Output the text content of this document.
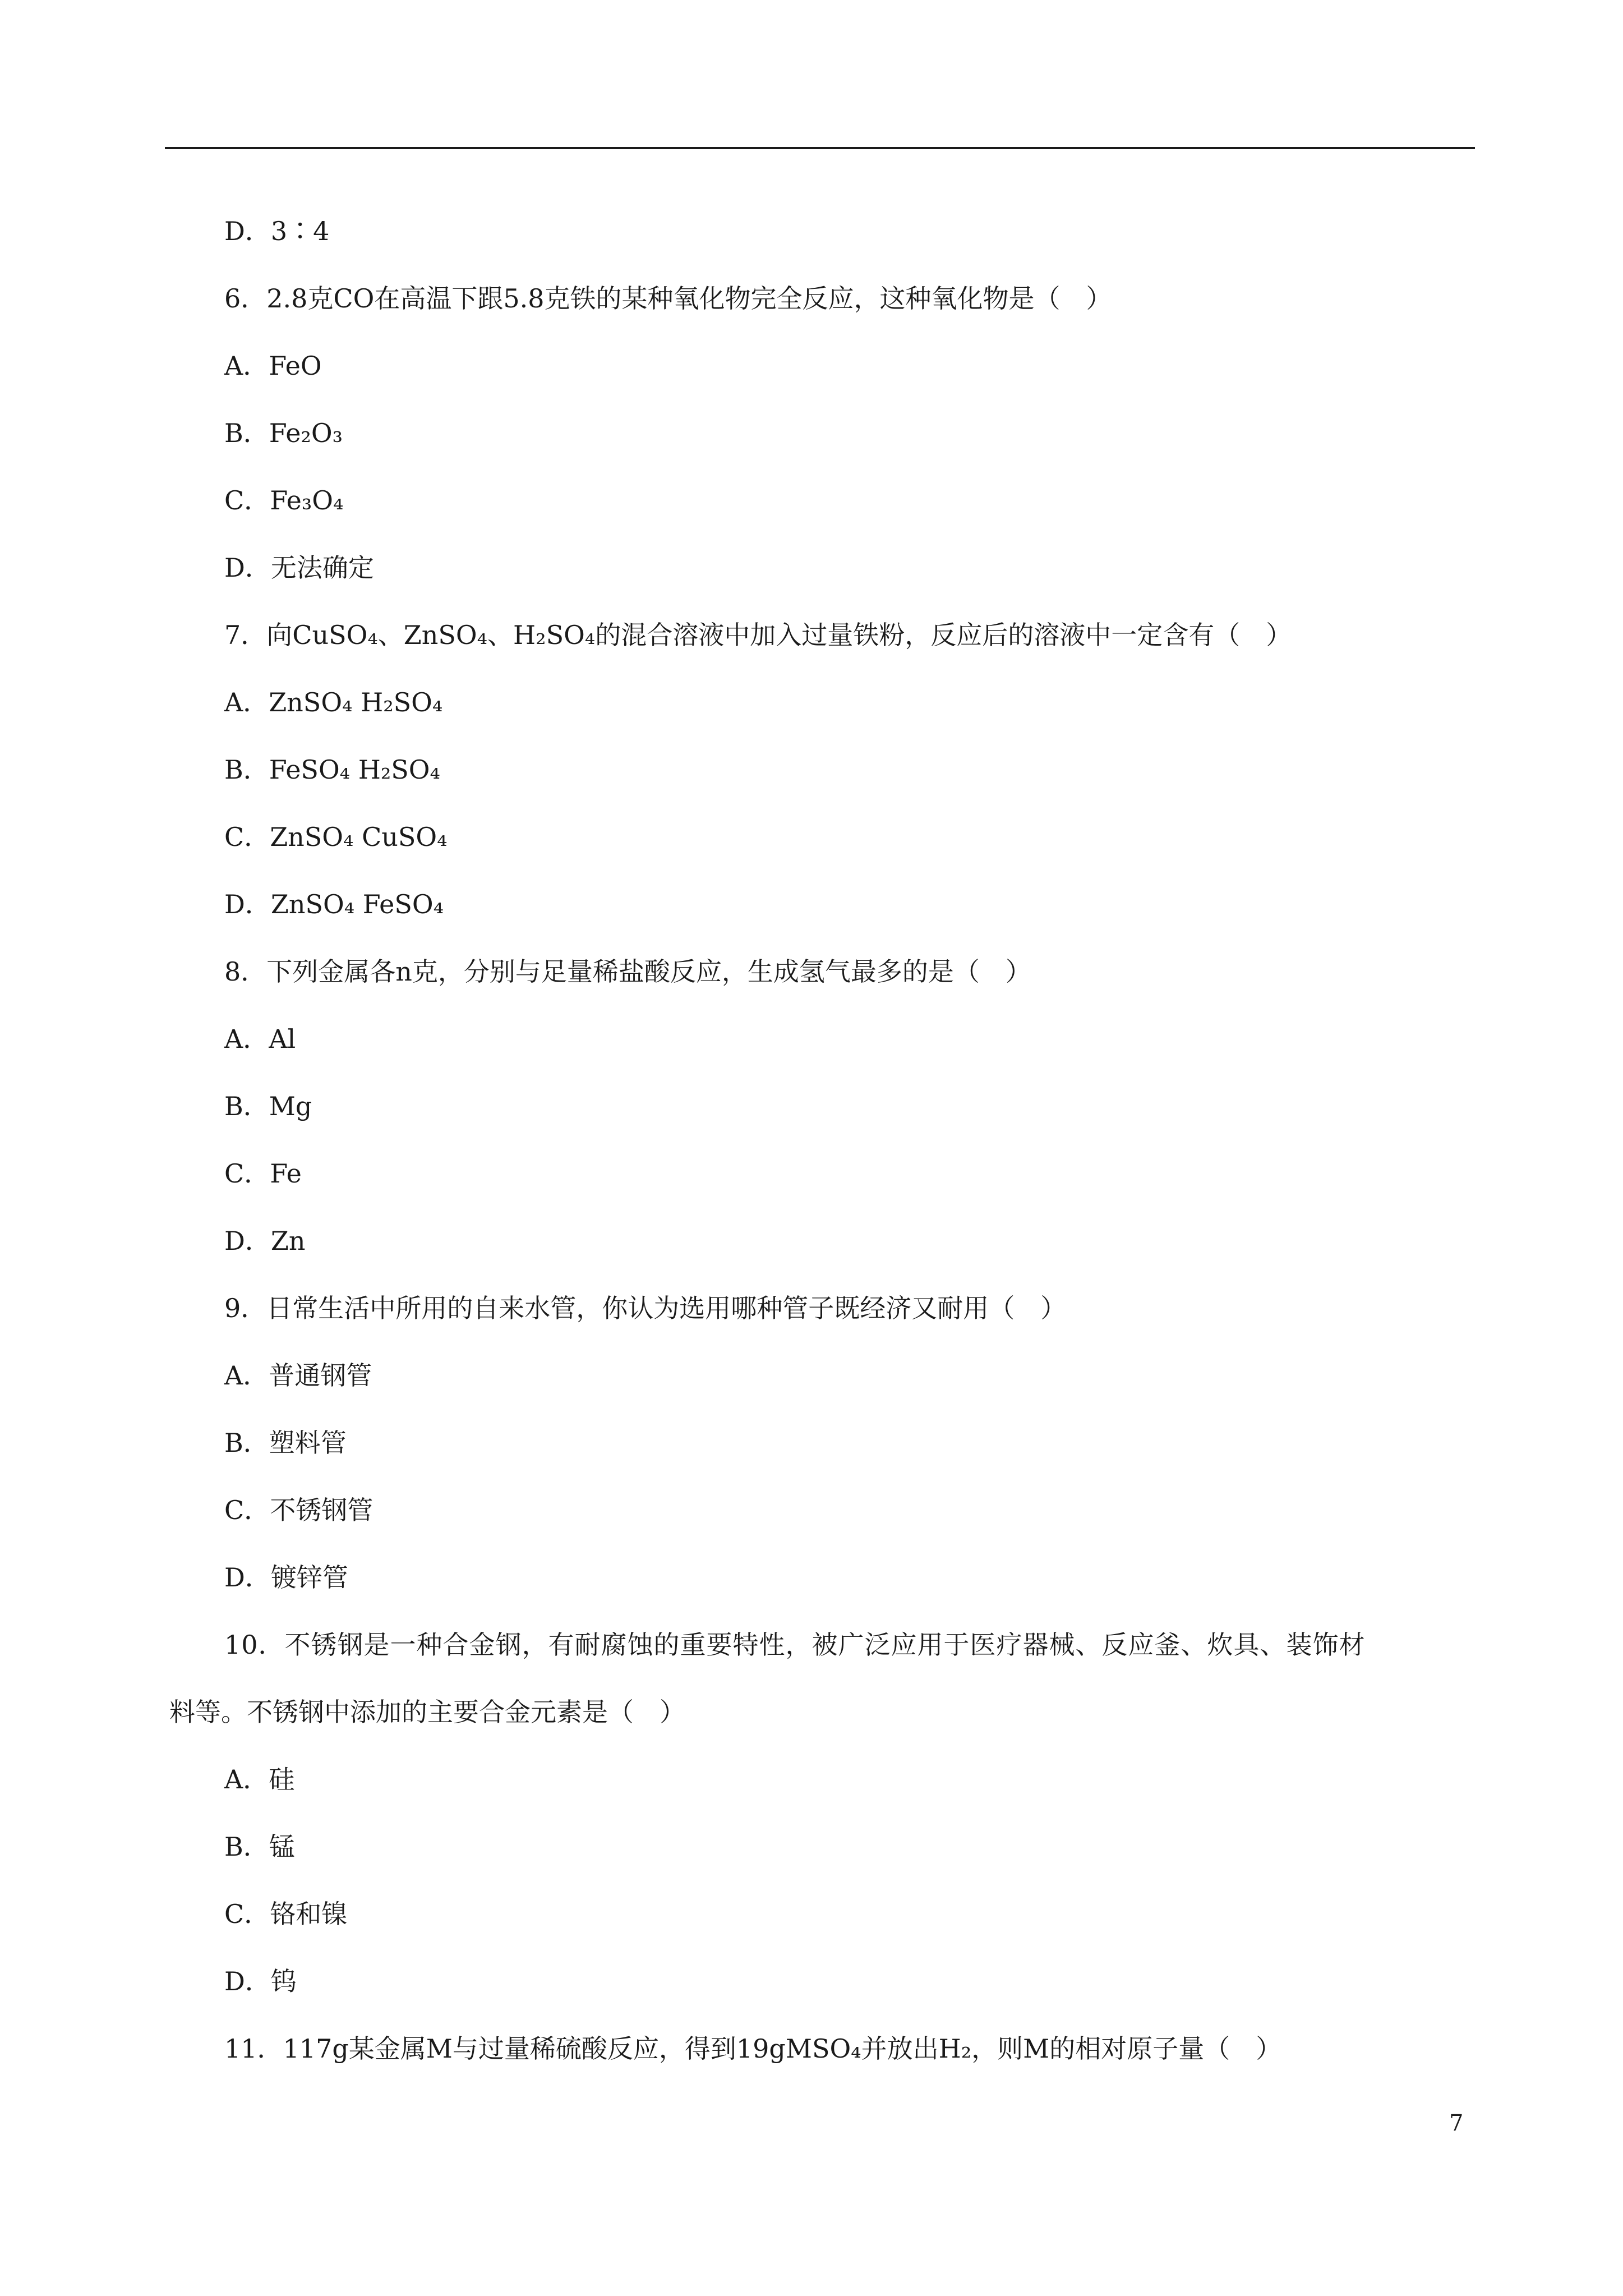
D．3∶4
6．2.8克CO在高温下跟5.8克铁的某种氧化物完全反应，这种氧化物是（　）
A．FeO
B．Fe₂O₃
C．Fe₃O₄
D．无法确定
7．向CuSO₄、ZnSO₄、H₂SO₄的混合溶液中加入过量铁粉，反应后的溶液中一定含有（　）
A．ZnSO₄ H₂SO₄
B．FeSO₄ H₂SO₄
C．ZnSO₄ CuSO₄
D．ZnSO₄ FeSO₄
8．下列金属各n克，分别与足量稀盐酸反应，生成氢气最多的是（　）
A．Al
B．Mg
C．Fe
D．Zn
9．日常生活中所用的自来水管，你认为选用哪种管子既经济又耐用（　）
A．普通钢管
B．塑料管
C．不锈钢管
D．镀锌管
10．不锈钢是一种合金钢，有耐腐蚀的重要特性，被广泛应用于医疗器械、反应釜、炊具、装饰材
料等。不锈钢中添加的主要合金元素是（　）
A．硅
B．锰
C．铬和镍
D．钨
11．117g某金属M与过量稀硫酸反应，得到19gMSO₄并放出H₂，则M的相对原子量（　）
7
